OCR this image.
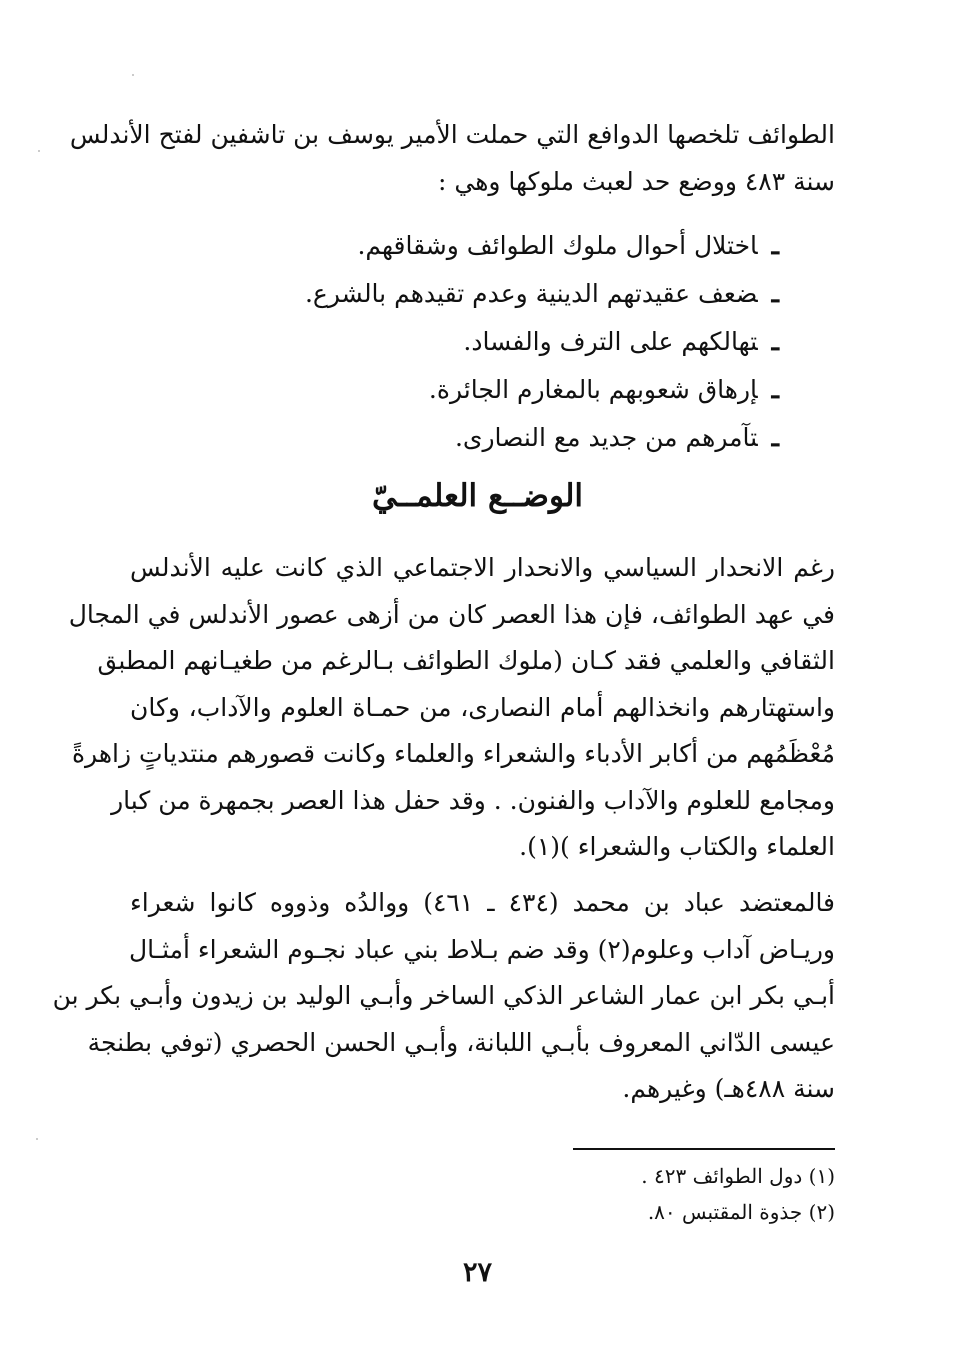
الطوائف تلخصها الدوافع التي حملت الأمير يوسف بن تاشفين لفتح الأندلس
سنة ٤٨٣ ووضع حد لعبث ملوكها وهي :

ـاختلال أحوال ملوك الطوائف وشقاقهم.
ـضعف عقيدتهم الدينية وعدم تقيدهم بالشرع.
ـتهالكهم على الترف والفساد.
ـإرهاق شعوبهم بالمغارم الجائرة.
ـتآمرهم من جديد مع النصارى.
الوضــع العلمــيّ

رغم الانحدار السياسي والانحدار الاجتماعي الذي كانت عليه الأندلس
في عهد الطوائف، فإن هذا العصر كان من أزهى عصور الأندلس في المجال
الثقافي والعلمي فقد كـان (ملوك الطوائف بـالرغم من طغيـانهم المطبق
واستهتارهم وانخذالهم أمام النصارى، من حمـاة العلوم والآداب، وكان
مُعْظَمُهم من أكابر الأدباء والشعراء والعلماء وكانت قصورهم منتدياتٍ زاهرةً
ومجامع للعلوم والآداب والفنون. . وقد حفل هذا العصر بجمهرة من كبار
العلماء والكتاب والشعراء )(١).

فالمعتضد عباد بن محمد (٤٣٤ ـ ٤٦١) ووالدُه وذووه كانوا شعراء
وريـاض آداب وعلوم(٢) وقد ضم بـلاط بني عباد نجـوم الشعراء أمثـال
أبـي بكر ابن عمار الشاعر الذكي الساخر وأبـي الوليد بن زيدون وأبـي بكر بن
عيسى الدّاني المعروف بأبـي اللبانة، وأبـي الحسن الحصري (توفي بطنجة
سنة ٤٨٨هـ) وغيرهم.

(١) دول الطوائف ٤٢٣ .
(٢) جذوة المقتبس ٨٠.
٢٧
